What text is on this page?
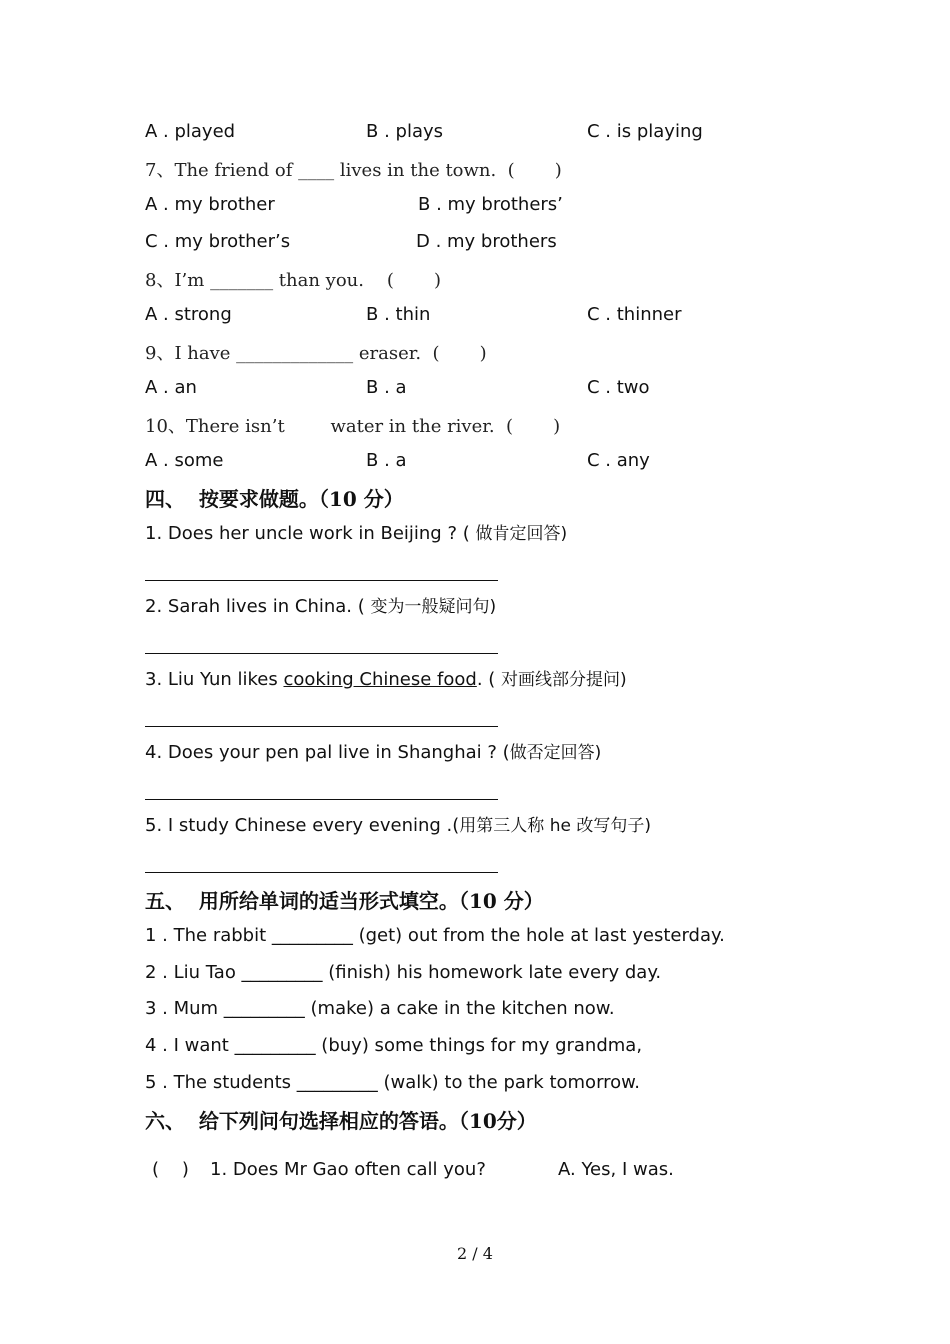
A . played	B . plays	C . is playing
7、The friend of ____ lives in the town.  (       )
A . my brother	B . my brothers’
C . my brother’s	D . my brothers
8、I’m _______ than you.    (       )
A . strong	B . thin	C . thinner
9、I have _____________ eraser.  (       )
A . an	B . a	C . two
10、There isn’t        water in the river.  (       )
A . some	B . a	C . any
四、  按要求做题。（10 分）
1. Does her uncle work in Beijing ? ( 做肯定回答)
2. Sarah lives in China. ( 变为一般疑问句)
3. Liu Yun likes cooking Chinese food. ( 对画线部分提问)
4. Does your pen pal live in Shanghai ? (做否定回答)
5. I study Chinese every evening .(用第三人称 he 改写句子)
五、  用所给单词的适当形式填空。（10 分）
1 . The rabbit _________ (get) out from the hole at last yesterday.
2 . Liu Tao _________ (finish) his homework late every day.
3 . Mum _________ (make) a cake in the kitchen now.
4 . I want _________ (buy) some things for my grandma,
5 . The students _________ (walk) to the park tomorrow.
六、  给下列问句选择相应的答语。（10分）
(    ) 1. Does Mr Gao often call you?	A. Yes, I was.
2 / 4
